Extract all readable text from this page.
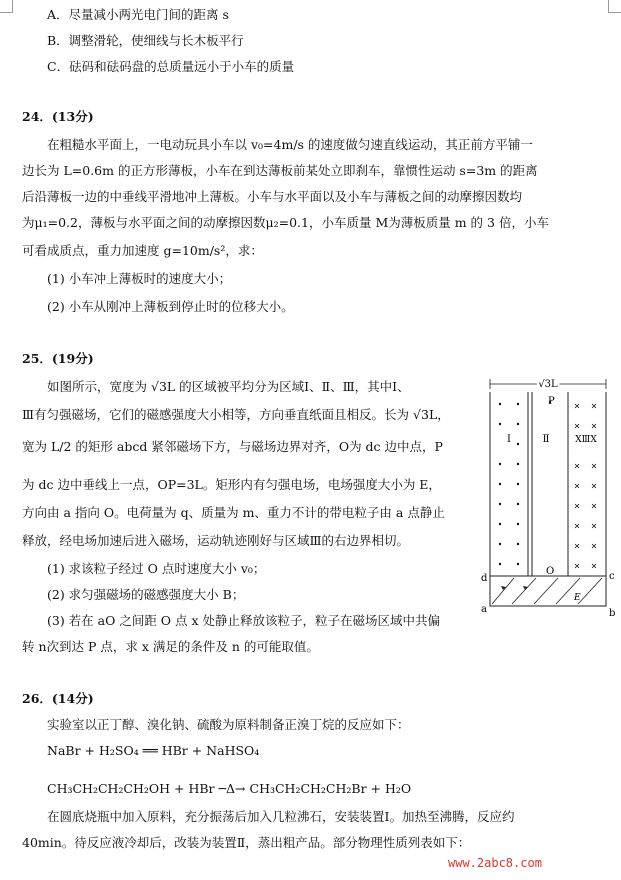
A．尽量减小两光电门间的距离 s
B．调整滑轮，使细线与长木板平行
C．砝码和砝码盘的总质量远小于小车的质量
24．(13分)
在粗糙水平面上，一电动玩具小车以 v₀=4m/s 的速度做匀速直线运动，其正前方平铺一
边长为 L=0.6m 的正方形薄板，小车在到达薄板前某处立即刹车，靠惯性运动 s=3m 的距离
后沿薄板一边的中垂线平滑地冲上薄板。小车与水平面以及小车与薄板之间的动摩擦因数均
为μ₁=0.2，薄板与水平面之间的动摩擦因数μ₂=0.1，小车质量 M为薄板质量 m 的 3 倍，小车
可看成质点，重力加速度 g=10m/s²，求：
(1) 小车冲上薄板时的速度大小；
(2) 小车从刚冲上薄板到停止时的位移大小。
25．(19分)
如图所示，宽度为 √3L 的区域被平均分为区域Ⅰ、Ⅱ、Ⅲ，其中Ⅰ、
Ⅲ有匀强磁场，它们的磁感强度大小相等，方向垂直纸面且相反。长为 √3L，
宽为 L/2 的矩形 abcd 紧邻磁场下方，与磁场边界对齐，O为 dc 边中点，P
为 dc 边中垂线上一点，OP=3L。矩形内有匀强电场，电场强度大小为 E，
方向由 a 指向 O。电荷量为 q、质量为 m、重力不计的带电粒子由 a 点静止
释放，经电场加速后进入磁场，运动轨迹刚好与区域Ⅲ的右边界相切。
(1) 求该粒子经过 O 点时速度大小 v₀；
(2) 求匀强磁场的磁感强度大小 B；
(3) 若在 aO 之间距 O 点 x 处静止释放该粒子，粒子在磁场区域中共偏
转 n次到达 P 点，求 x 满足的条件及 n 的可能取值。
√3L
I	Ⅱ	XⅢX
P
O
E
a	b
c
d
26．(14分)
实验室以正丁醇、溴化钠、硫酸为原料制备正溴丁烷的反应如下：
NaBr + H₂SO₄ ══ HBr + NaHSO₄
CH₃CH₂CH₂CH₂OH + HBr ─Δ→ CH₃CH₂CH₂CH₂Br + H₂O
在圆底烧瓶中加入原料，充分振荡后加入几粒沸石，安装装置Ⅰ。加热至沸腾，反应约
40min。待反应液冷却后，改装为装置Ⅱ，蒸出粗产品。部分物理性质列表如下：
www.2abc8.com
